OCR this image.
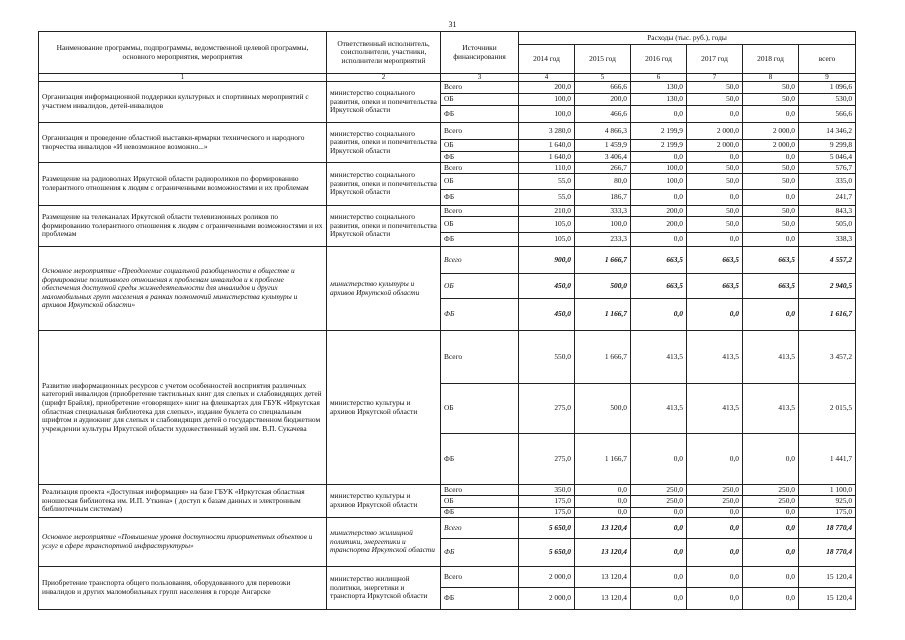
31
Наименование программы, подпрограммы, ведомственной целевой программы, основного мероприятия, мероприятия	Ответственный исполнитель, соисполнители, участники, исполнители мероприятий	Источники финансирования	Расходы (тыс. руб.), годы					
			2014 год	2015 год	2016 год	2017 год	2018 год	всего
1	2	3	4	5	6	7	8	9
Организация информационной поддержки культурных и спортивных мероприятий с участием инвалидов, детей-инвалидов	министерство социального развития, опеки и попечительства Иркутской области	Всего	200,0	666,6	130,0	50,0	50,0	1 096,6
		ОБ	100,0	200,0	130,0	50,0	50,0	530,0
		ФБ	100,0	466,6	0,0	0,0	0,0	566,6
Организация и проведение областной выставки-ярмарки технического и народного творчества инвалидов «И невозможное возможно...»	министерство социального развития, опеки и попечительства Иркутской области	Всего	3 280,0	4 866,3	2 199,9	2 000,0	2 000,0	14 346,2
		ОБ	1 640,0	1 459,9	2 199,9	2 000,0	2 000,0	9 299,8
		ФБ	1 640,0	3 406,4	0,0	0,0	0,0	5 046,4
Размещение на радиоволнах Иркутской области радиороликов по формированию толерантного отношения к людям с ограниченными возможностями и их проблемам	министерство социального развития, опеки и попечительства Иркутской области	Всего	110,0	266,7	100,0	50,0	50,0	576,7
		ОБ	55,0	80,0	100,0	50,0	50,0	335,0
		ФБ	55,0	186,7	0,0	0,0	0,0	241,7
Размещение на телеканалах Иркутской области телевизионных роликов по формированию толерантного отношения к людям с ограниченными возможностями и их проблемам	министерство социального развития, опеки и попечительства Иркутской области	Всего	210,0	333,3	200,0	50,0	50,0	843,3
		ОБ	105,0	100,0	200,0	50,0	50,0	505,0
		ФБ	105,0	233,3	0,0	0,0	0,0	338,3
Основное мероприятие «Преодоление социальной разобщенности в обществе и формирование позитивного отношения к проблемам инвалидов и к проблеме обеспечения доступной среды жизнедеятельности для инвалидов и других маломобильных групп населения в рамках полномочий министерства культуры и архивов Иркутской области»	министерство культуры и архивов Иркутской области	Всего	900,0	1 666,7	663,5	663,5	663,5	4 557,2
		ОБ	450,0	500,0	663,5	663,5	663,5	2 940,5
		ФБ	450,0	1 166,7	0,0	0,0	0,0	1 616,7
Развитие информационных ресурсов с учетом особенностей восприятия различных категорий инвалидов (приобретение тактильных книг для слепых и слабовидящих детей (шрифт Брайля), приобретение «говорящих» книг на флешкартах для ГБУК «Иркутская областная специальная библиотека для слепых», издание буклета со специальным шрифтом и аудиокниг для слепых и слабовидящих детей о государственном бюджетном учреждении культуры Иркутской области художественный музей им. В.П. Сукачева	министерство культуры и архивов Иркутской области	Всего	550,0	1 666,7	413,5	413,5	413,5	3 457,2
		ОБ	275,0	500,0	413,5	413,5	413,5	2 015,5
		ФБ	275,0	1 166,7	0,0	0,0	0,0	1 441,7
Реализация проекта «Доступная информация» на базе ГБУК «Иркутская областная юношеская библиотека им. И.П. Уткина» ( доступ к базам данных и электронным библиотечным системам)	министерство культуры и архивов Иркутской области	Всего	350,0	0,0	250,0	250,0	250,0	1 100,0
		ОБ	175,0	0,0	250,0	250,0	250,0	925,0
		ФБ	175,0	0,0	0,0	0,0	0,0	175,0
Основное мероприятие «Повышение уровня доступности приоритетных объектов и услуг в сфере транспортной инфраструктуры»	министерство жилищной политики, энергетики и транспорта Иркутской области	Всего	5 650,0	13 120,4	0,0	0,0	0,0	18 770,4
		ФБ	5 650,0	13 120,4	0,0	0,0	0,0	18 770,4
Приобретение транспорта общего пользования, оборудованного для перевозки инвалидов и других маломобильных групп населения в городе Ангарске	министерство жилищной политики, энергетики и транспорта Иркутской области	Всего	2 000,0	13 120,4	0,0	0,0	0,0	15 120,4
		ФБ	2 000,0	13 120,4	0,0	0,0	0,0	15 120,4
